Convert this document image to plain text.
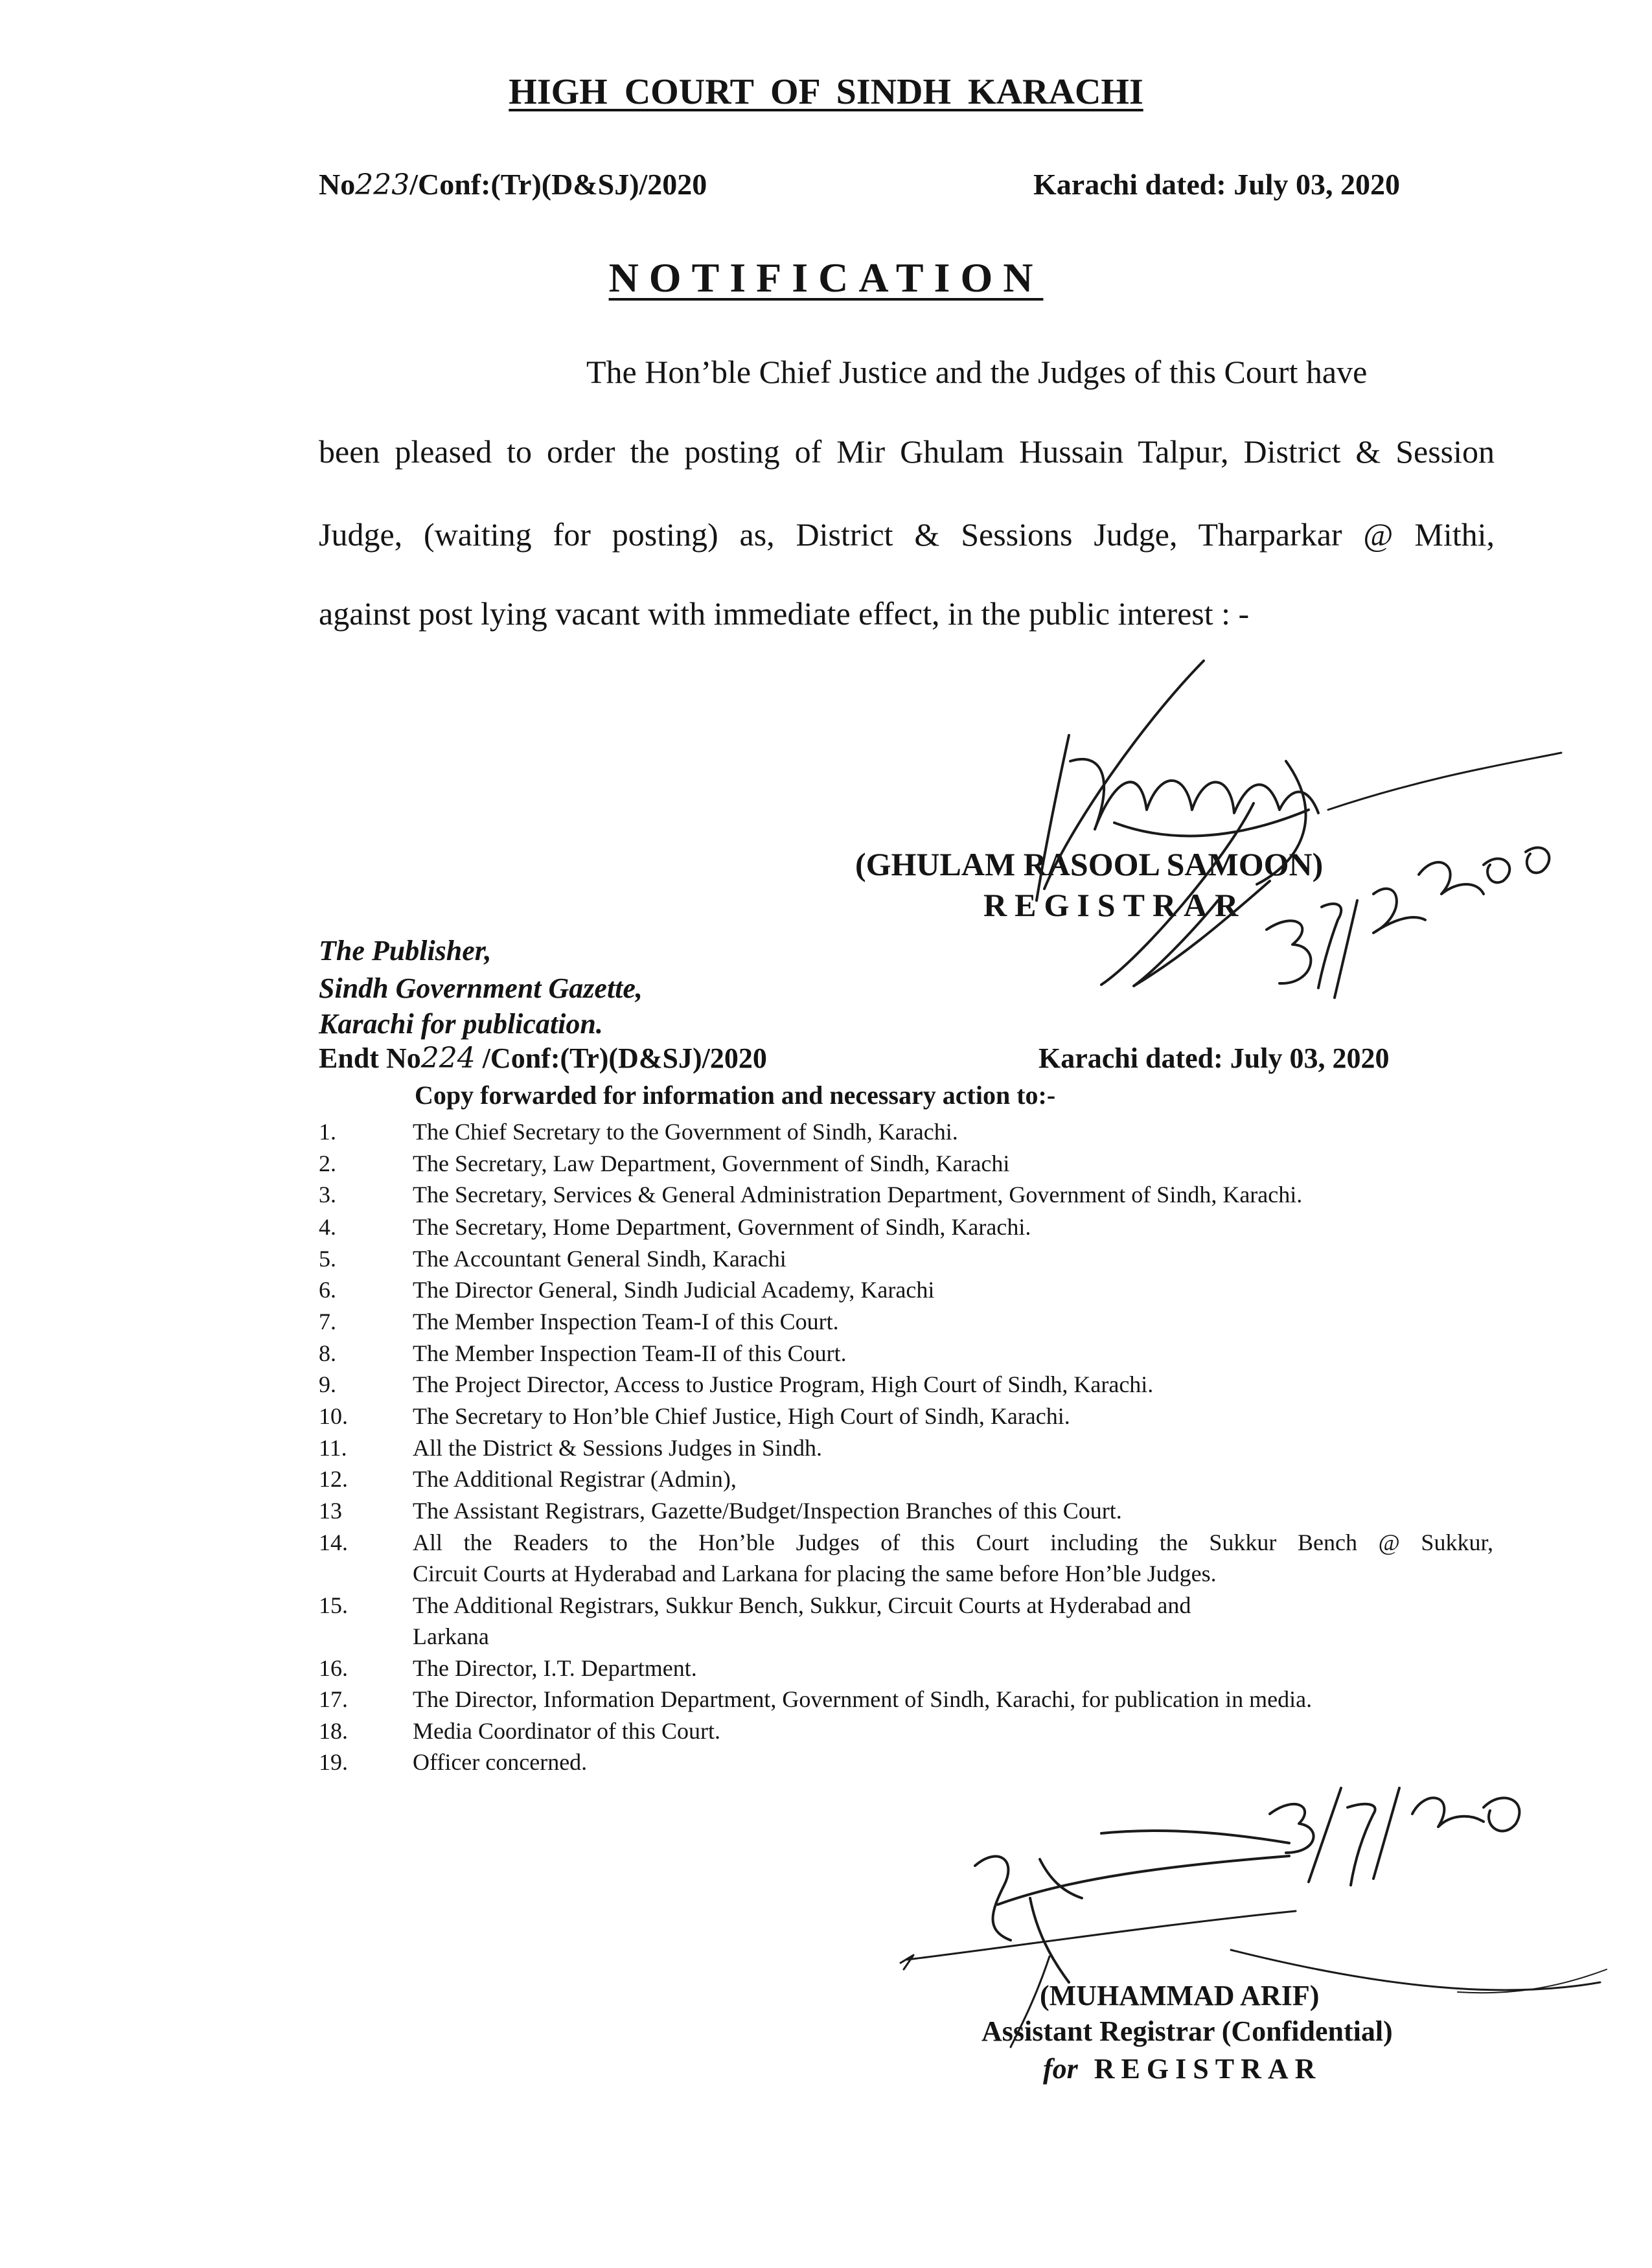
HIGH COURT OF SINDH KARACHI
No223/Conf:(Tr)(D&SJ)/2020	Karachi dated: July 03, 2020
NOTIFICATION
The Hon’ble Chief Justice and the Judges of this Court have
been pleased to order the posting of Mir Ghulam Hussain Talpur, District & Session
Judge, (waiting for posting) as, District & Sessions Judge, Tharparkar @ Mithi,
against post lying vacant with immediate effect, in the public interest : -
(GHULAM RASOOL SAMOON)
REGISTRAR
The Publisher,
Sindh Government Gazette,
Karachi for publication.
Endt No224 /Conf:(Tr)(D&SJ)/2020	Karachi dated: July 03, 2020
Copy forwarded for information and necessary action to:-
1.	The Chief Secretary to the Government of Sindh, Karachi.
2.	The Secretary, Law Department, Government of Sindh, Karachi
3.	The Secretary, Services & General Administration Department, Government of Sindh, Karachi.
4.	The Secretary, Home Department, Government of Sindh, Karachi.
5.	The Accountant General Sindh, Karachi
6.	The Director General, Sindh Judicial Academy, Karachi
7.	The Member Inspection Team-I of this Court.
8.	The Member Inspection Team-II of this Court.
9.	The Project Director, Access to Justice Program, High Court of Sindh, Karachi.
10.	The Secretary to Hon’ble Chief Justice, High Court of Sindh, Karachi.
11.	All the District & Sessions Judges in Sindh.
12.	The Additional Registrar (Admin),
13	The Assistant Registrars, Gazette/Budget/Inspection Branches of this Court.
14.	All the Readers to the Hon’ble Judges of this Court including the Sukkur Bench @ Sukkur,
Circuit Courts at Hyderabad and Larkana for placing the same before Hon’ble Judges.
15.	The Additional Registrars, Sukkur Bench, Sukkur, Circuit Courts at Hyderabad and
Larkana
16.	The Director, I.T. Department.
17.	The Director, Information Department, Government of Sindh, Karachi, for publication in media.
18.	Media Coordinator of this Court.
19.	Officer concerned.
(MUHAMMAD ARIF)
Assistant Registrar (Confidential)
for REGISTRAR
